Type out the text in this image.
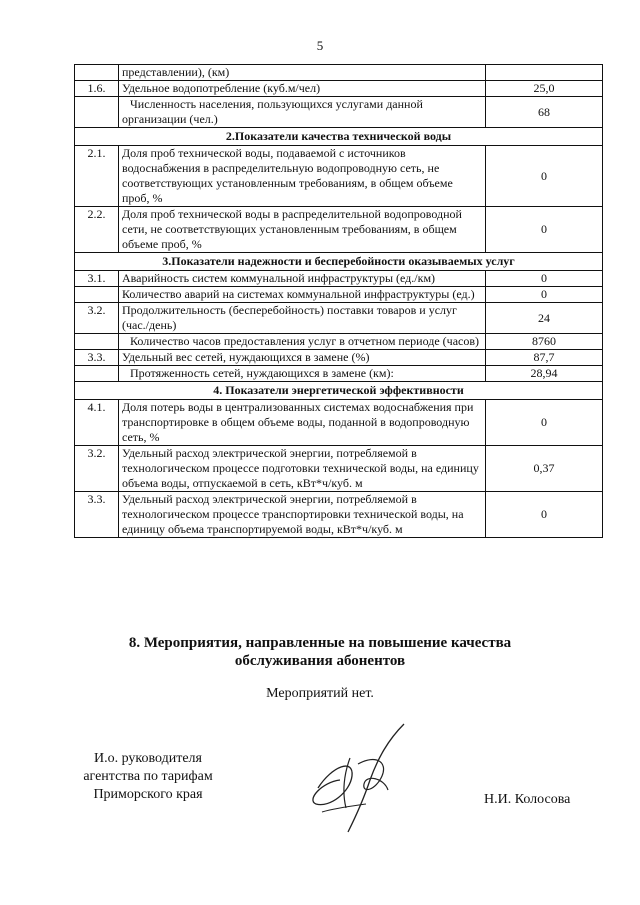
5
	представлении), (км)	
1.6.	Удельное водопотребление (куб.м/чел)	25,0
	Численность населения, пользующихся услугами данной организации (чел.)	68
2.Показатели качества технической воды		
2.1.	Доля проб технической воды, подаваемой с источников водоснабжения в распределительную водопроводную сеть, не соответствующих установленным требованиям, в общем объеме проб, %	0
2.2.	Доля проб технической воды в распределительной водопроводной сети, не соответствующих установленным требованиям, в общем объеме проб, %	0
3.Показатели надежности и бесперебойности оказываемых услуг		
3.1.	Аварийность систем коммунальной инфраструктуры (ед./км)	0
	Количество аварий на системах коммунальной инфраструктуры (ед.)	0
3.2.	Продолжительность (бесперебойность) поставки товаров и услуг (час./день)	24
	Количество часов предоставления услуг в отчетном периоде (часов)	8760
3.3.	Удельный вес сетей, нуждающихся в замене (%)	87,7
	Протяженность сетей, нуждающихся в замене (км):	28,94
4. Показатели энергетической эффективности		
4.1.	Доля потерь воды в централизованных системах водоснабжения при транспортировке в общем объеме воды, поданной в водопроводную сеть, %	0
3.2.	Удельный расход электрической энергии, потребляемой в технологическом процессе подготовки технической воды, на единицу объема воды, отпускаемой в сеть, кВт*ч/куб. м	0,37
3.3.	Удельный расход электрической энергии, потребляемой в технологическом процессе транспортировки технической воды, на единицу объема транспортируемой воды, кВт*ч/куб. м	0
8. Мероприятия, направленные на повышение качества
обслуживания абонентов
Мероприятий нет.
И.о. руководителя
агентства по тарифам
Приморского края	Н.И. Колосова
